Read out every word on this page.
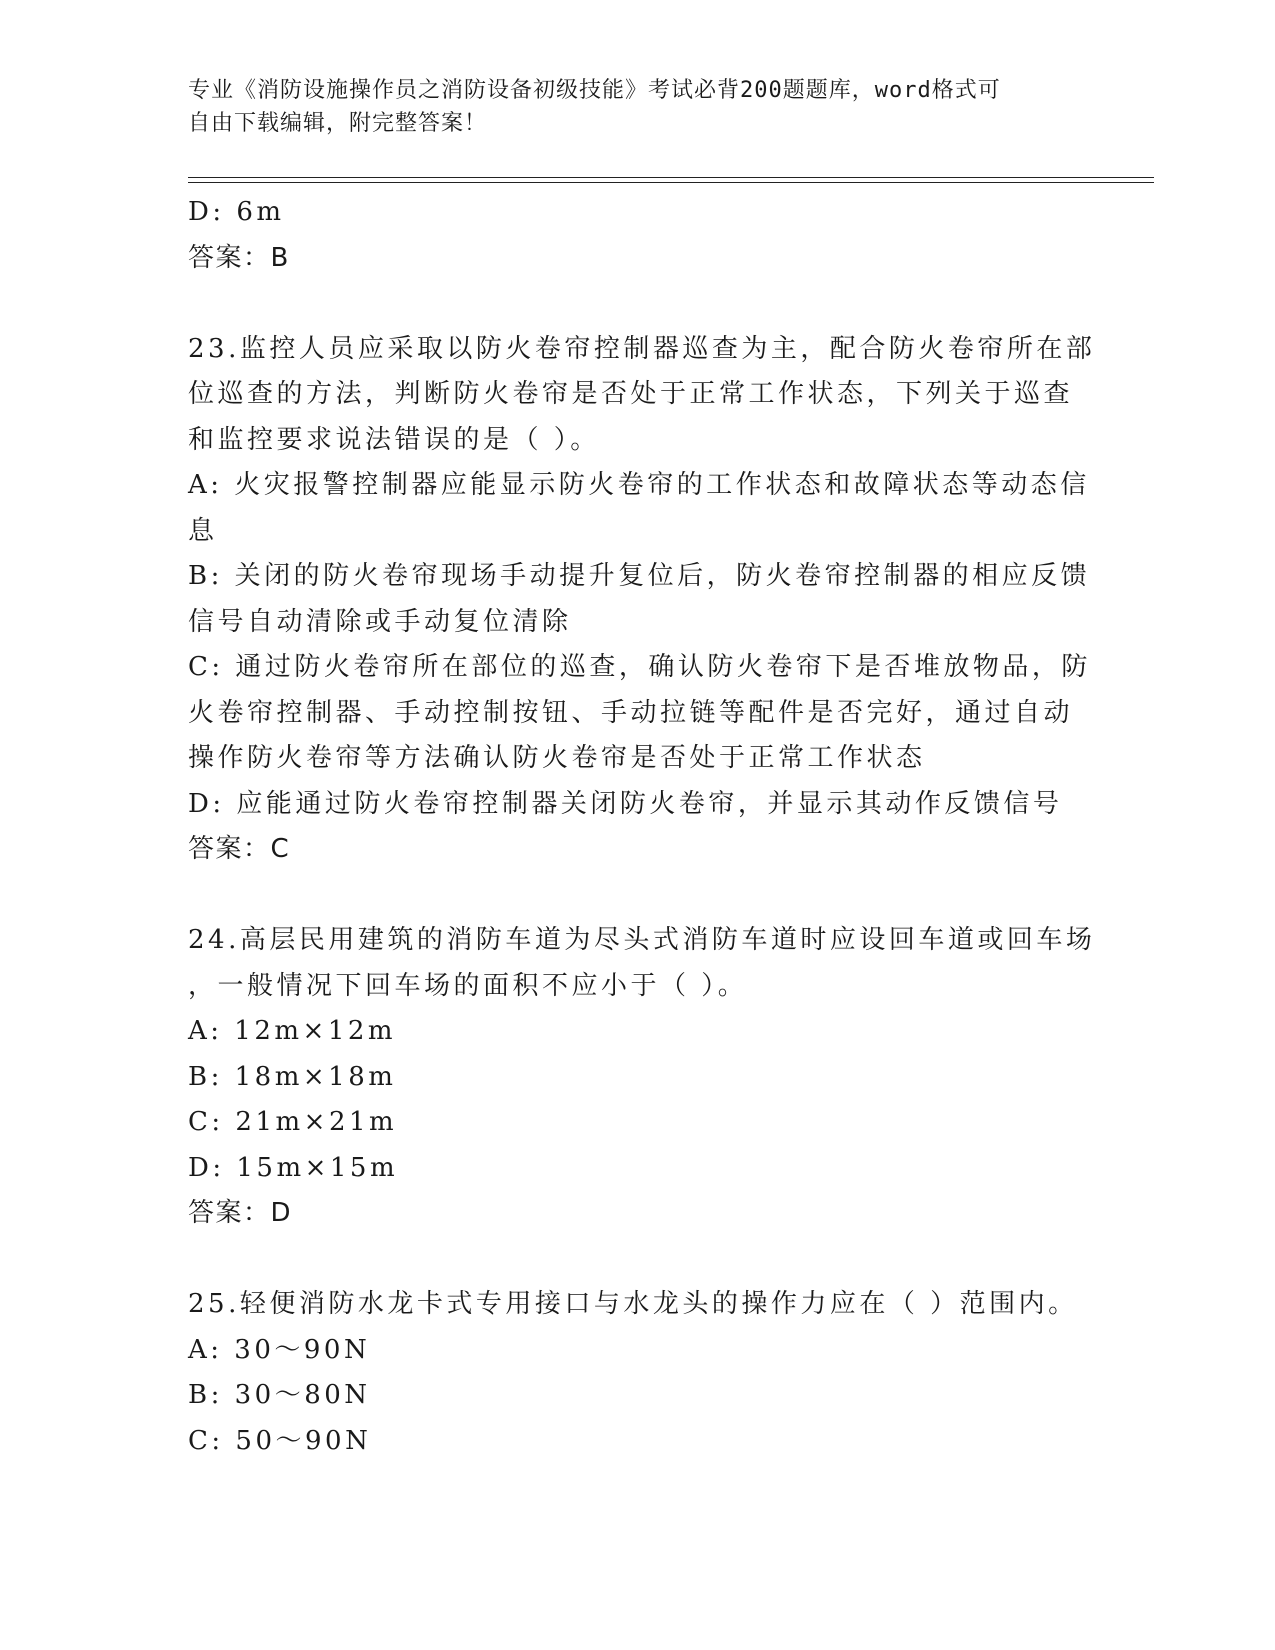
专业《消防设施操作员之消防设备初级技能》考试必背200题题库，word格式可
自由下载编辑，附完整答案！
D: 6m
答案：B
23.监控人员应采取以防火卷帘控制器巡查为主，配合防火卷帘所在部
位巡查的方法，判断防火卷帘是否处于正常工作状态，下列关于巡查
和监控要求说法错误的是（ ）。
A: 火灾报警控制器应能显示防火卷帘的工作状态和故障状态等动态信
息
B: 关闭的防火卷帘现场手动提升复位后，防火卷帘控制器的相应反馈
信号自动清除或手动复位清除
C: 通过防火卷帘所在部位的巡查，确认防火卷帘下是否堆放物品，防
火卷帘控制器、手动控制按钮、手动拉链等配件是否完好，通过自动
操作防火卷帘等方法确认防火卷帘是否处于正常工作状态
D: 应能通过防火卷帘控制器关闭防火卷帘，并显示其动作反馈信号
答案：C
24.高层民用建筑的消防车道为尽头式消防车道时应设回车道或回车场
，一般情况下回车场的面积不应小于（ ）。
A: 12m×12m
B: 18m×18m
C: 21m×21m
D: 15m×15m
答案：D
25.轻便消防水龙卡式专用接口与水龙头的操作力应在（ ）范围内。
A: 30～90N
B: 30～80N
C: 50～90N
